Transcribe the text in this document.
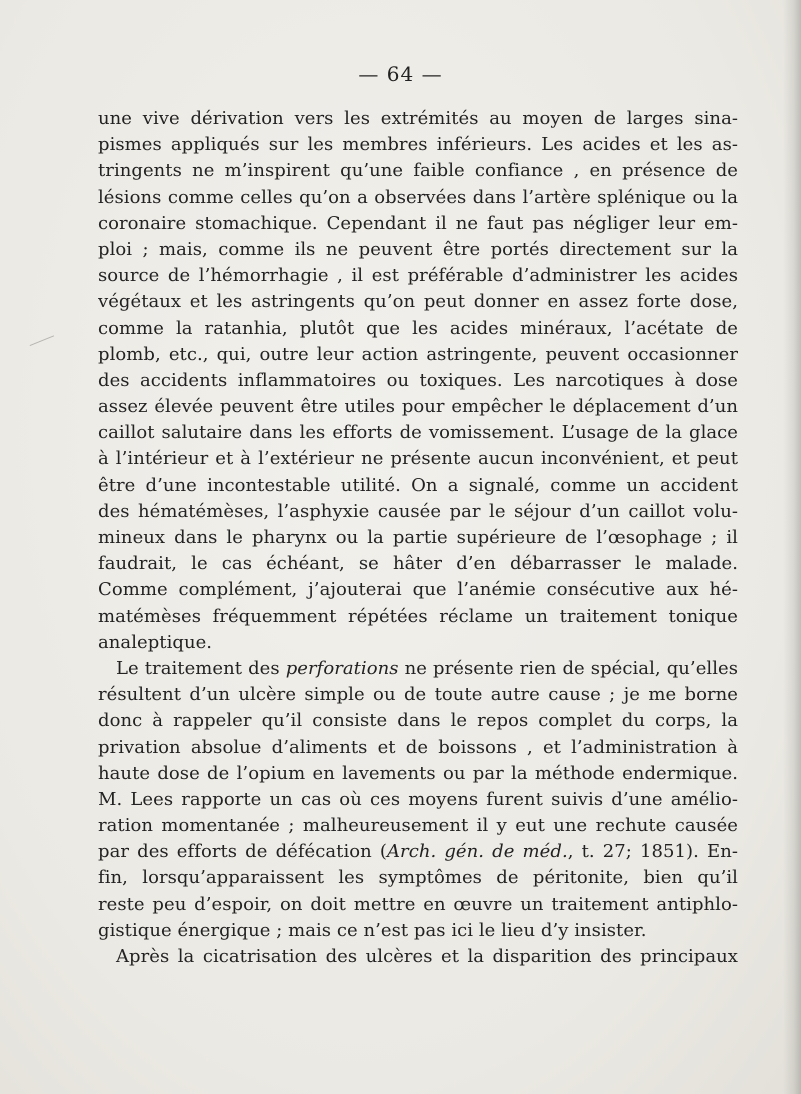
— 64 —
une vive dérivation vers les extrémités au moyen de larges sina-
pismes appliqués sur les membres inférieurs. Les acides et les as-
tringents ne m’inspirent qu’une faible confiance , en présence de
lésions comme celles qu’on a observées dans l’artère splénique ou la
coronaire stomachique. Cependant il ne faut pas négliger leur em-
ploi ; mais, comme ils ne peuvent être portés directement sur la
source de l’hémorrhagie , il est préférable d’administrer les acides
végétaux et les astringents qu’on peut donner en assez forte dose,
comme la ratanhia, plutôt que les acides minéraux, l’acétate de
plomb, etc., qui, outre leur action astringente, peuvent occasionner
des accidents inflammatoires ou toxiques. Les narcotiques à dose
assez élevée peuvent être utiles pour empêcher le déplacement d’un
caillot salutaire dans les efforts de vomissement. L’usage de la glace
à l’intérieur et à l’extérieur ne présente aucun inconvénient, et peut
être d’une incontestable utilité. On a signalé, comme un accident
des hématémèses, l’asphyxie causée par le séjour d’un caillot volu-
mineux dans le pharynx ou la partie supérieure de l’œsophage ; il
faudrait, le cas échéant, se hâter d’en débarrasser le malade.
Comme complément, j’ajouterai que l’anémie consécutive aux hé-
matémèses fréquemment répétées réclame un traitement tonique
analeptique.
Le traitement des perforations ne présente rien de spécial, qu’elles
résultent d’un ulcère simple ou de toute autre cause ; je me borne
donc à rappeler qu’il consiste dans le repos complet du corps, la
privation absolue d’aliments et de boissons , et l’administration à
haute dose de l’opium en lavements ou par la méthode endermique.
M. Lees rapporte un cas où ces moyens furent suivis d’une amélio-
ration momentanée ; malheureusement il y eut une rechute causée
par des efforts de défécation (Arch. gén. de méd., t. 27; 1851). En-
fin, lorsqu’apparaissent les symptômes de péritonite, bien qu’il
reste peu d’espoir, on doit mettre en œuvre un traitement antiphlo-
gistique énergique ; mais ce n’est pas ici le lieu d’y insister.
Après la cicatrisation des ulcères et la disparition des principaux
